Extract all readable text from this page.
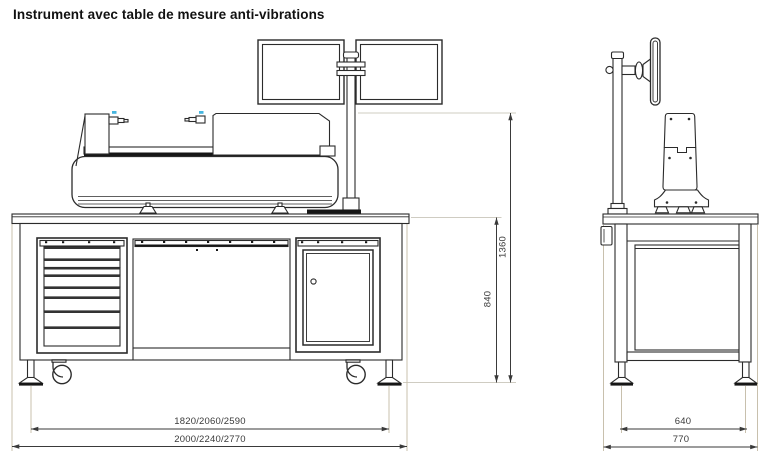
Instrument avec table de mesure anti-vibrations
1820/2060/2590
2000/2240/2770
840
1360
640
770
